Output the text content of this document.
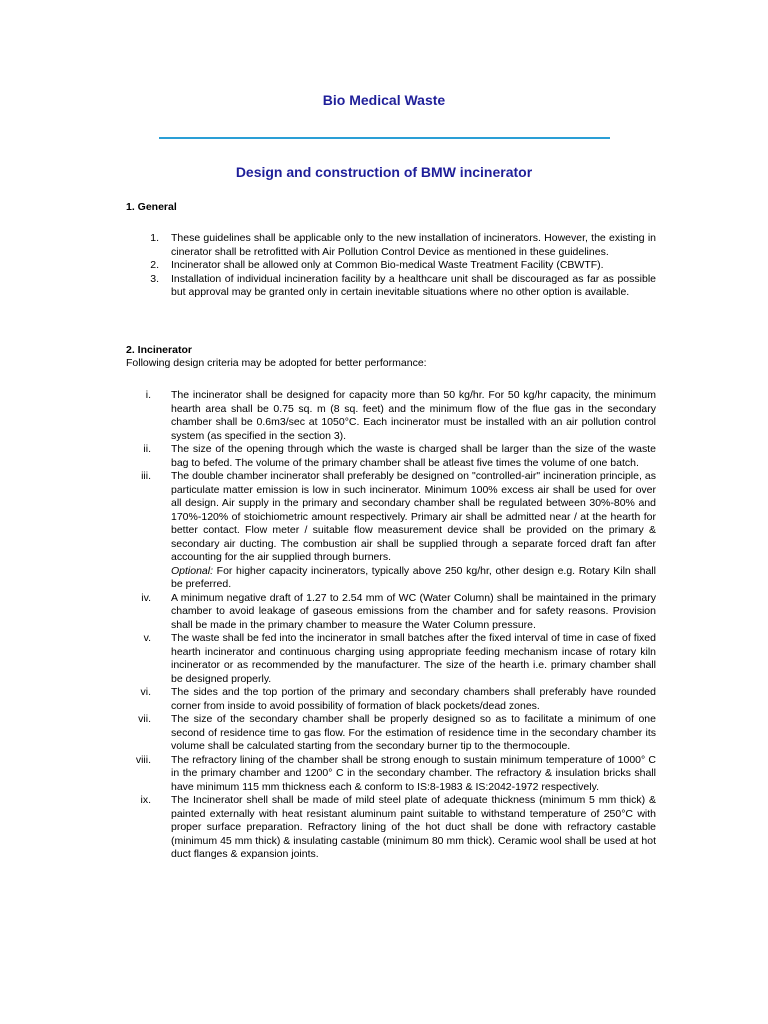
Bio Medical Waste
Design and construction of BMW incinerator
1. General
1. These guidelines shall be applicable only to the new installation of incinerators. However, the existing in cinerator shall be retrofitted with Air Pollution Control Device as mentioned in these guidelines.
2. Incinerator shall be allowed only at Common Bio-medical Waste Treatment Facility (CBWTF).
3. Installation of individual incineration facility by a healthcare unit shall be discouraged as far as possible but approval may be granted only in certain inevitable situations where no other option is available.
2. Incinerator

Following design criteria may be adopted for better performance:

i. The incinerator shall be designed for capacity more than 50 kg/hr. For 50 kg/hr capacity, the minimum hearth area shall be 0.75 sq. m (8 sq. feet) and the minimum flow of the flue gas in the secondary chamber shall be 0.6m3/sec at 1050°C. Each incinerator must be installed with an air pollution control system (as specified in the section 3).
ii. The size of the opening through which the waste is charged shall be larger than the size of the waste bag to befed. The volume of the primary chamber shall be atleast five times the volume of one batch.
iii. The double chamber incinerator shall preferably be designed on "controlled-air" incineration principle, as particulate matter emission is low in such incinerator. Minimum 100% excess air shall be used for over all design. Air supply in the primary and secondary chamber shall be regulated between 30%-80% and 170%-120% of stoichiometric amount respectively. Primary air shall be admitted near / at the hearth for better contact. Flow meter / suitable flow measurement device shall be provided on the primary & secondary air ducting. The combustion air shall be supplied through a separate forced draft fan after accounting for the air supplied through burners.
Optional: For higher capacity incinerators, typically above 250 kg/hr, other design e.g. Rotary Kiln shall be preferred.
iv. A minimum negative draft of 1.27 to 2.54 mm of WC (Water Column) shall be maintained in the primary chamber to avoid leakage of gaseous emissions from the chamber and for safety reasons. Provision shall be made in the primary chamber to measure the Water Column pressure.
v. The waste shall be fed into the incinerator in small batches after the fixed interval of time in case of fixed hearth incinerator and continuous charging using appropriate feeding mechanism incase of rotary kiln incinerator or as recommended by the manufacturer. The size of the hearth i.e. primary chamber shall be designed properly.
vi. The sides and the top portion of the primary and secondary chambers shall preferably have rounded corner from inside to avoid possibility of formation of black pockets/dead zones.
vii. The size of the secondary chamber shall be properly designed so as to facilitate a minimum of one second of residence time to gas flow. For the estimation of residence time in the secondary chamber its volume shall be calculated starting from the secondary burner tip to the thermocouple.
viii. The refractory lining of the chamber shall be strong enough to sustain minimum temperature of 1000° C in the primary chamber and 1200° C in the secondary chamber. The refractory & insulation bricks shall have minimum 115 mm thickness each & conform to IS:8-1983 & IS:2042-1972 respectively.
ix. The Incinerator shell shall be made of mild steel plate of adequate thickness (minimum 5 mm thick) & painted externally with heat resistant aluminum paint suitable to withstand temperature of 250°C with proper surface preparation. Refractory lining of the hot duct shall be done with refractory castable (minimum 45 mm thick) & insulating castable (minimum 80 mm thick). Ceramic wool shall be used at hot duct flanges & expansion joints.
